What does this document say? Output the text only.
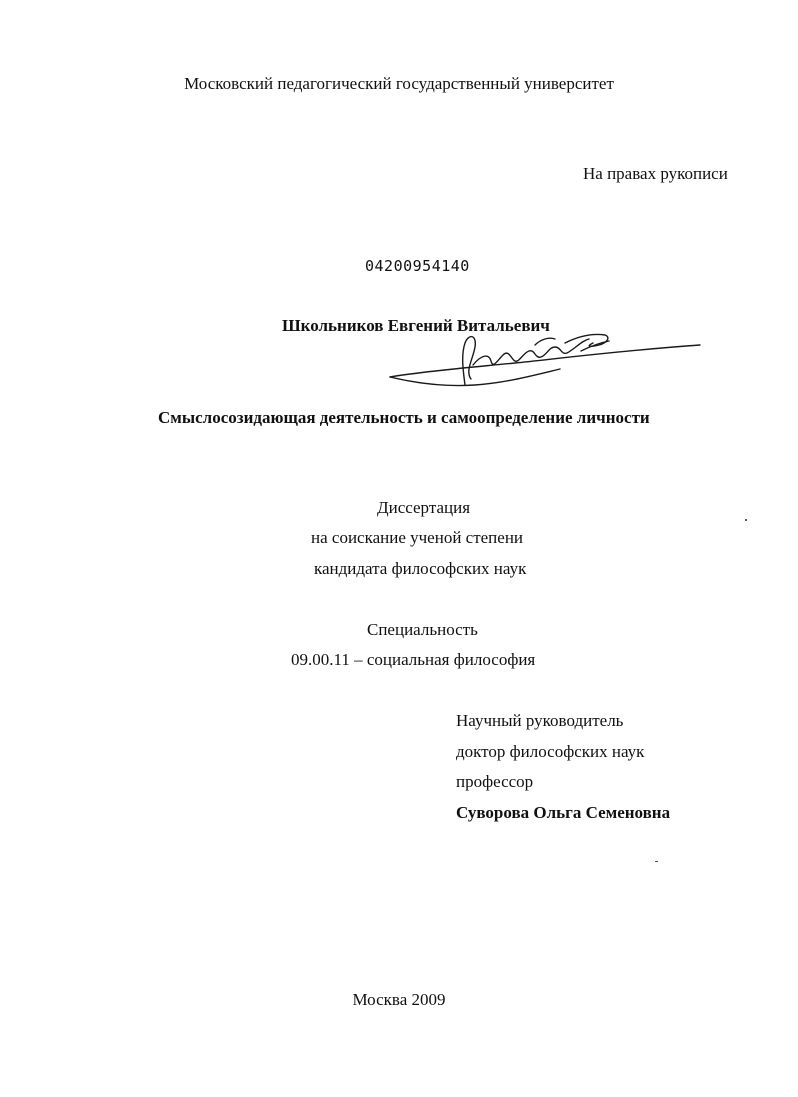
Московский педагогический государственный университет
На правах рукописи
04200954140
Школьников Евгений Витальевич
Смыслосозидающая деятельность и самоопределение личности
Диссертация
на соискание ученой степени
кандидата философских наук
Специальность
09.00.11 – социальная философия
Научный руководитель
доктор философских наук
профессор
Суворова Ольга Семеновна
Москва 2009
